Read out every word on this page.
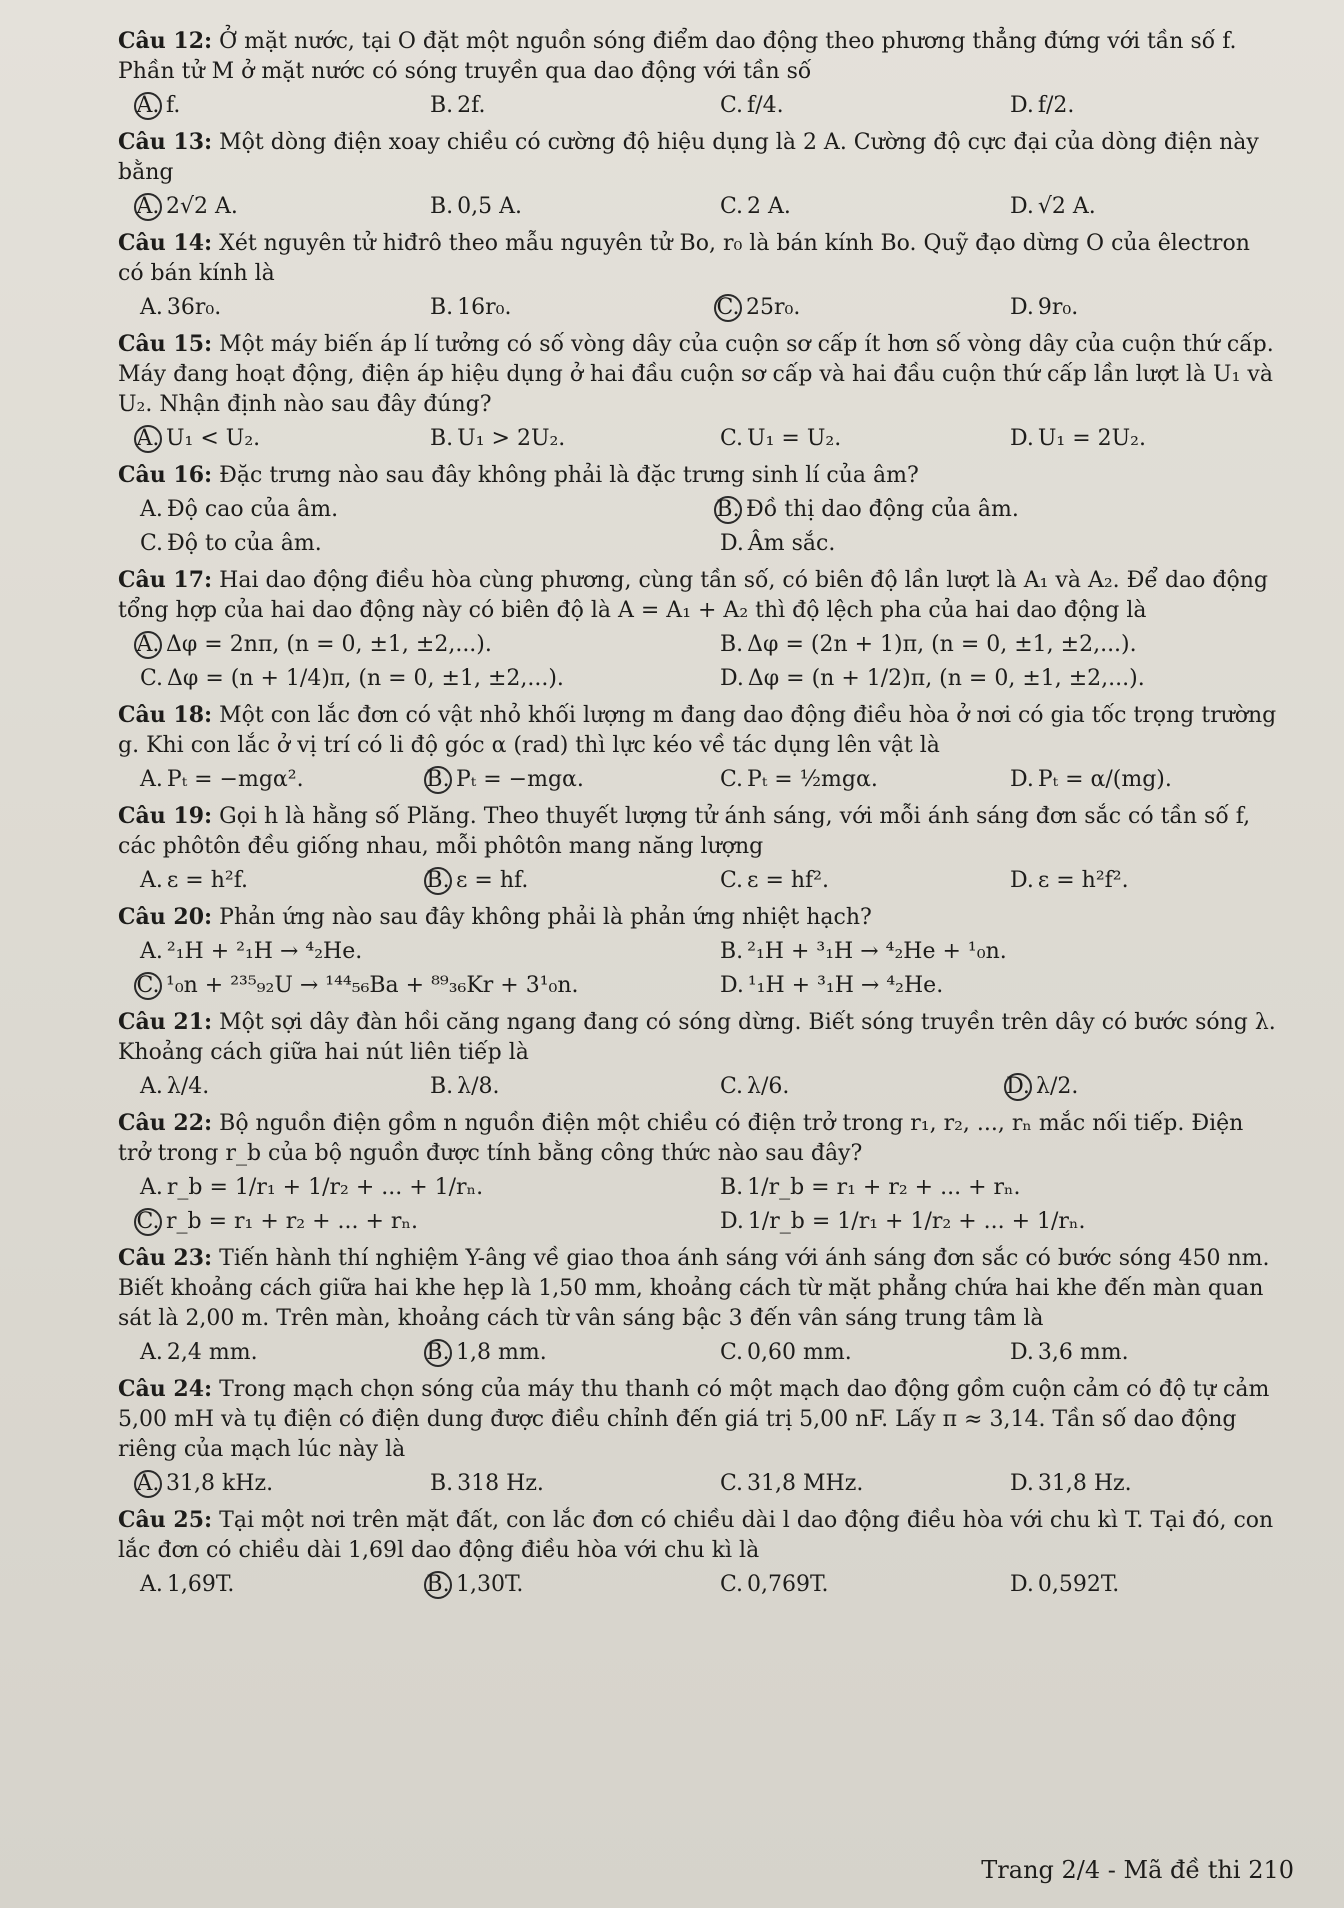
Câu 12: Ở mặt nước, tại O đặt một nguồn sóng điểm dao động theo phương thẳng đứng với tần số f. Phần tử M ở mặt nước có sóng truyền qua dao động với tần số
A. f.	B. 2f.	C. f/4.	D. f/2.
Câu 13: Một dòng điện xoay chiều có cường độ hiệu dụng là 2 A. Cường độ cực đại của dòng điện này bằng
A. 2√2 A.	B. 0,5 A.	C. 2 A.	D. √2 A.
Câu 14: Xét nguyên tử hiđrô theo mẫu nguyên tử Bo, r₀ là bán kính Bo. Quỹ đạo dừng O của êlectron có bán kính là
A. 36r₀.	B. 16r₀.	C. 25r₀.	D. 9r₀.
Câu 15: Một máy biến áp lí tưởng có số vòng dây của cuộn sơ cấp ít hơn số vòng dây của cuộn thứ cấp. Máy đang hoạt động, điện áp hiệu dụng ở hai đầu cuộn sơ cấp và hai đầu cuộn thứ cấp lần lượt là U₁ và U₂. Nhận định nào sau đây đúng?
A. U₁ < U₂.	B. U₁ > 2U₂.	C. U₁ = U₂.	D. U₁ = 2U₂.
Câu 16: Đặc trưng nào sau đây không phải là đặc trưng sinh lí của âm?
A. Độ cao của âm.	B. Đồ thị dao động của âm.
C. Độ to của âm.	D. Âm sắc.
Câu 17: Hai dao động điều hòa cùng phương, cùng tần số, có biên độ lần lượt là A₁ và A₂. Để dao động tổng hợp của hai dao động này có biên độ là A = A₁ + A₂ thì độ lệch pha của hai dao động là
A. Δφ = 2nπ, (n = 0, ±1, ±2,...).	B. Δφ = (2n + 1)π, (n = 0, ±1, ±2,...).
C. Δφ = (n + 1/4)π, (n = 0, ±1, ±2,...).	D. Δφ = (n + 1/2)π, (n = 0, ±1, ±2,...).
Câu 18: Một con lắc đơn có vật nhỏ khối lượng m đang dao động điều hòa ở nơi có gia tốc trọng trường g. Khi con lắc ở vị trí có li độ góc α (rad) thì lực kéo về tác dụng lên vật là
A. Pₜ = −mgα².	B. Pₜ = −mgα.	C. Pₜ = ½mgα.	D. Pₜ = α/(mg).
Câu 19: Gọi h là hằng số Plăng. Theo thuyết lượng tử ánh sáng, với mỗi ánh sáng đơn sắc có tần số f, các phôtôn đều giống nhau, mỗi phôtôn mang năng lượng
A. ε = h²f.	B. ε = hf.	C. ε = hf².	D. ε = h²f².
Câu 20: Phản ứng nào sau đây không phải là phản ứng nhiệt hạch?
A. ²₁H + ²₁H → ⁴₂He.	B. ²₁H + ³₁H → ⁴₂He + ¹₀n.
C. ¹₀n + ²³⁵₉₂U → ¹⁴⁴₅₆Ba + ⁸⁹₃₆Kr + 3¹₀n.	D. ¹₁H + ³₁H → ⁴₂He.
Câu 21: Một sợi dây đàn hồi căng ngang đang có sóng dừng. Biết sóng truyền trên dây có bước sóng λ. Khoảng cách giữa hai nút liên tiếp là
A. λ/4.	B. λ/8.	C. λ/6.	D. λ/2.
Câu 22: Bộ nguồn điện gồm n nguồn điện một chiều có điện trở trong r₁, r₂, ..., rₙ mắc nối tiếp. Điện trở trong r_b của bộ nguồn được tính bằng công thức nào sau đây?
A. r_b = 1/r₁ + 1/r₂ + ... + 1/rₙ.	B. 1/r_b = r₁ + r₂ + ... + rₙ.
C. r_b = r₁ + r₂ + ... + rₙ.	D. 1/r_b = 1/r₁ + 1/r₂ + ... + 1/rₙ.
Câu 23: Tiến hành thí nghiệm Y-âng về giao thoa ánh sáng với ánh sáng đơn sắc có bước sóng 450 nm. Biết khoảng cách giữa hai khe hẹp là 1,50 mm, khoảng cách từ mặt phẳng chứa hai khe đến màn quan sát là 2,00 m. Trên màn, khoảng cách từ vân sáng bậc 3 đến vân sáng trung tâm là
A. 2,4 mm.	B. 1,8 mm.	C. 0,60 mm.	D. 3,6 mm.
Câu 24: Trong mạch chọn sóng của máy thu thanh có một mạch dao động gồm cuộn cảm có độ tự cảm 5,00 mH và tụ điện có điện dung được điều chỉnh đến giá trị 5,00 nF. Lấy π ≈ 3,14. Tần số dao động riêng của mạch lúc này là
A. 31,8 kHz.	B. 318 Hz.	C. 31,8 MHz.	D. 31,8 Hz.
Câu 25: Tại một nơi trên mặt đất, con lắc đơn có chiều dài l dao động điều hòa với chu kì T. Tại đó, con lắc đơn có chiều dài 1,69l dao động điều hòa với chu kì là
A. 1,69T.	B. 1,30T.	C. 0,769T.	D. 0,592T.
Trang 2/4 - Mã đề thi 210
